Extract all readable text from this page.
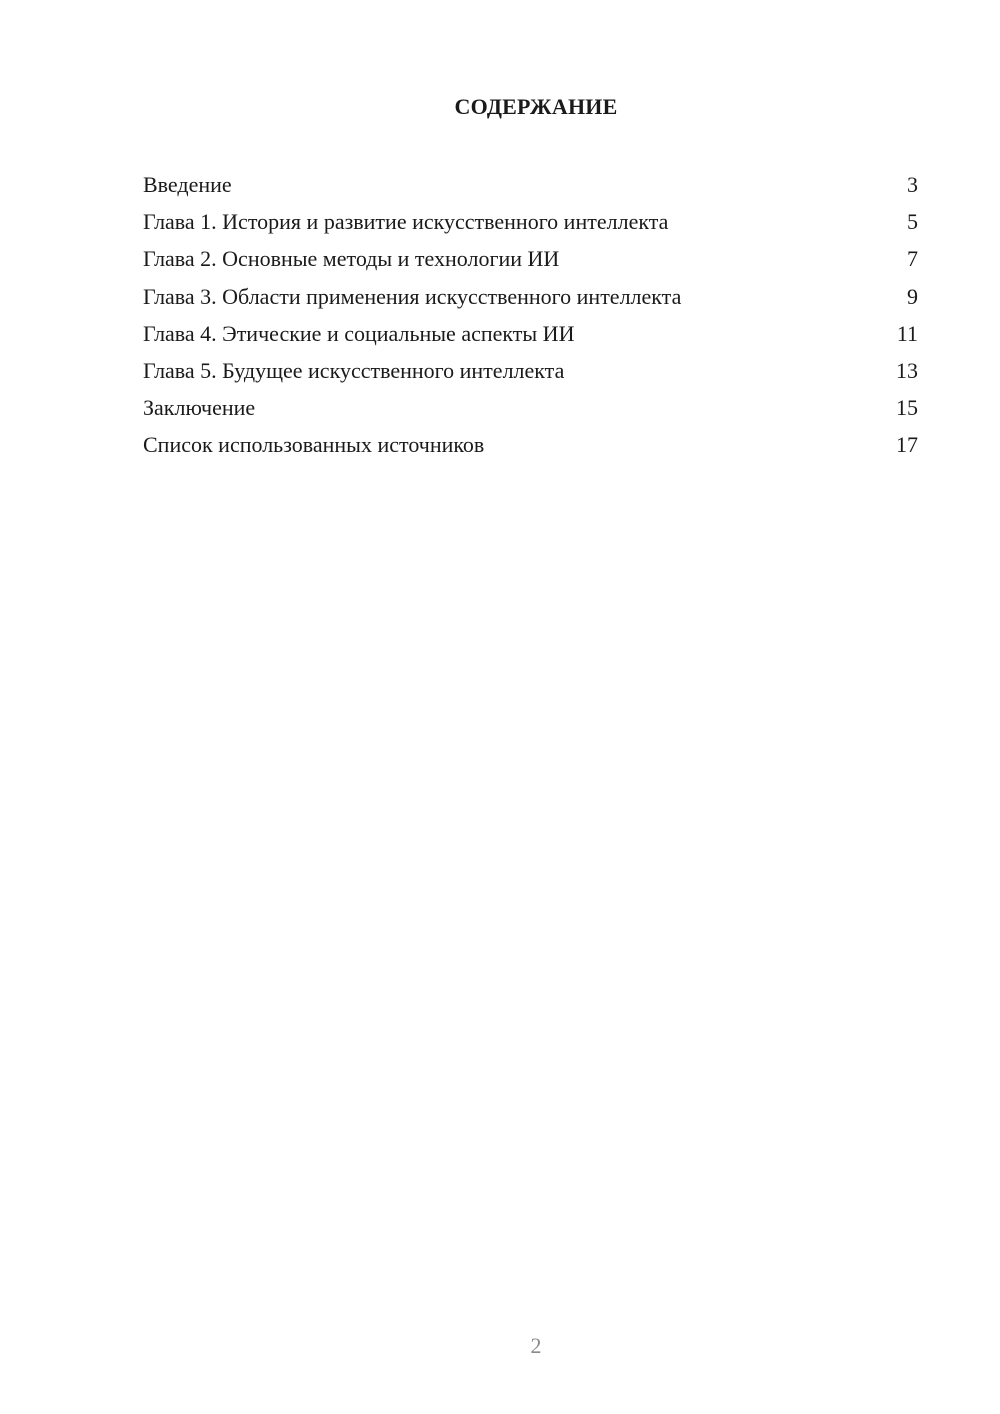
СОДЕРЖАНИЕ
Введение	3
Глава 1. История и развитие искусственного интеллекта	5
Глава 2. Основные методы и технологии ИИ	7
Глава 3. Области применения искусственного интеллекта	9
Глава 4. Этические и социальные аспекты ИИ	11
Глава 5. Будущее искусственного интеллекта	13
Заключение	15
Список использованных источников	17
2
